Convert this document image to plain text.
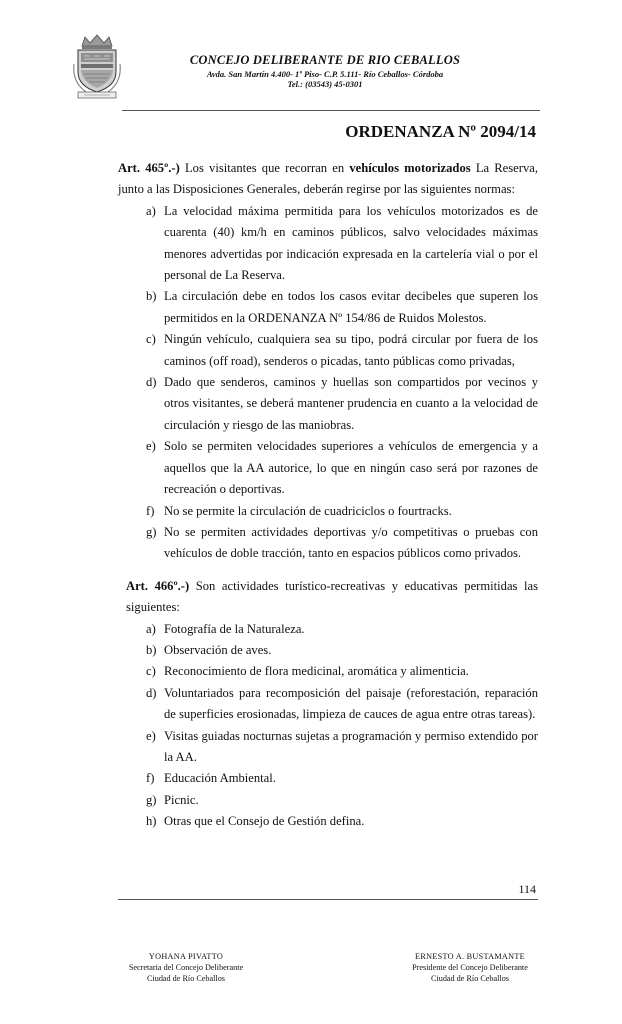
CONCEJO DELIBERANTE DE RIO CEBALLOS
Avda. San Martín 4.400- 1º Piso- C.P. 5.111- Río Ceballos- Córdoba
Tel.: (03543) 45-0301
ORDENANZA Nº 2094/14

Art. 465º.-) Los visitantes que recorran en vehículos motorizados La Reserva, junto a las Disposiciones Generales, deberán regirse por las siguientes normas:

a) La velocidad máxima permitida para los vehículos motorizados es de cuarenta (40) km/h en caminos públicos, salvo velocidades máximas menores advertidas por indicación expresada en la cartelería vial o por el personal de La Reserva.
b) La circulación debe en todos los casos evitar decibeles que superen los permitidos en la ORDENANZA Nº 154/86 de Ruidos Molestos.
c) Ningún vehículo, cualquiera sea su tipo, podrá circular por fuera de los caminos (off road), senderos o picadas, tanto públicas como privadas,
d) Dado que senderos, caminos y huellas son compartidos por vecinos y otros visitantes, se deberá mantener prudencia en cuanto a la velocidad de circulación y riesgo de las maniobras.
e) Solo se permiten velocidades superiores a vehículos de emergencia y a aquellos que la AA autorice, lo que en ningún caso será por razones de recreación o deportivas.
f) No se permite la circulación de cuadriciclos o fourtracks.
g) No se permiten actividades deportivas y/o competitivas o pruebas con vehículos de doble tracción, tanto en espacios públicos como privados.

Art. 466º.-) Son actividades turístico-recreativas y educativas permitidas las siguientes:

a) Fotografía de la Naturaleza.
b) Observación de aves.
c) Reconocimiento de flora medicinal, aromática y alimenticia.
d) Voluntariados para recomposición del paisaje (reforestación, reparación de superficies erosionadas, limpieza de cauces de agua entre otras tareas).
e) Visitas guiadas nocturnas sujetas a programación y permiso extendido por la AA.
f) Educación Ambiental.
g) Picnic.
h) Otras que el Consejo de Gestión defina.
114
YOHANA PIVATTO
Secretaria del Concejo Deliberante
Ciudad de Río Ceballos
ERNESTO A. BUSTAMANTE
Presidente del Concejo Deliberante
Ciudad de Río Ceballos
